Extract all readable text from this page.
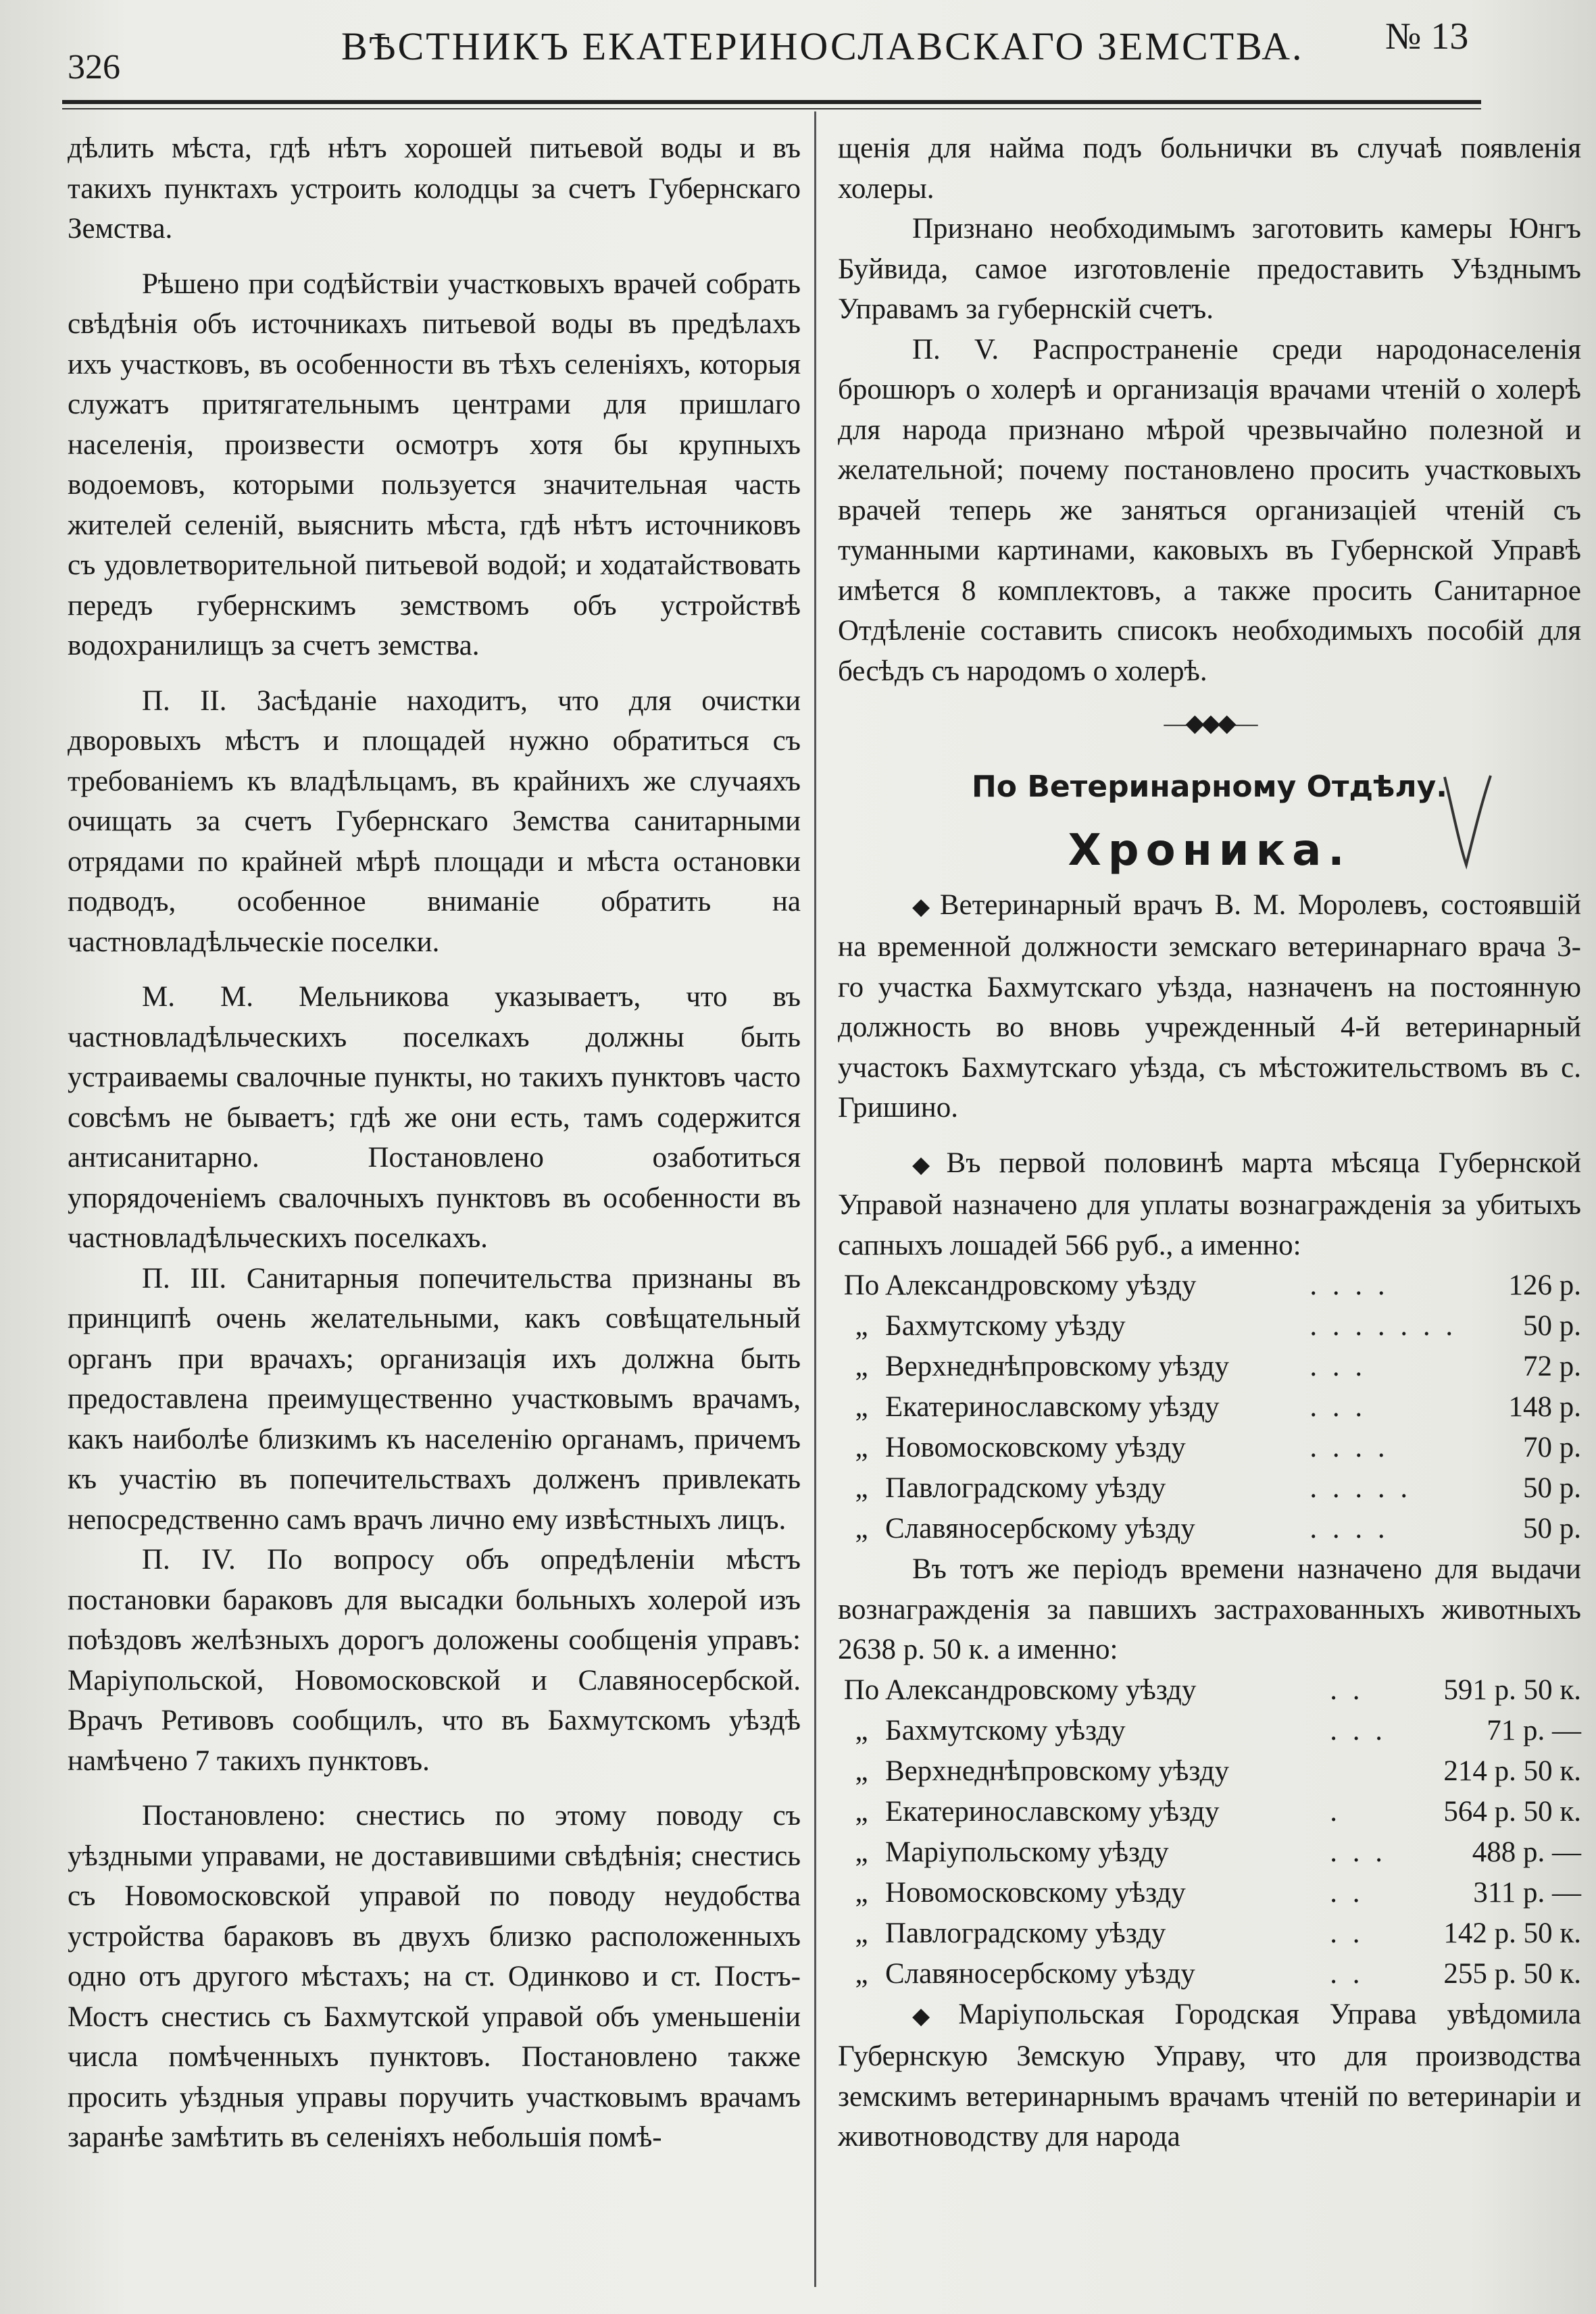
326	ВѢСТНИКЪ ЕКАТЕРИНОСЛАВСКАГО ЗЕМСТВА. № 13

дѣлить мѣста, гдѣ нѣтъ хорошей питьевой воды и въ такихъ пунктахъ устроить колодцы за счетъ Губернскаго Земства.

Рѣшено при содѣйствіи участковыхъ врачей собрать свѣдѣнія объ источникахъ питьевой воды въ предѣлахъ ихъ участковъ, въ особенности въ тѣхъ селеніяхъ, которыя служатъ притягательнымъ центрами для пришлаго населенія, произвести осмотръ хотя бы крупныхъ водоемовъ, которыми пользуется значительная часть жителей селеній, выяснить мѣста, гдѣ нѣтъ источниковъ съ удовлетворительной питьевой водой; и ходатайствовать передъ губернскимъ земствомъ объ устройствѣ водохранилищъ за счетъ земства.

П. II. Засѣданіе находитъ, что для очистки дворовыхъ мѣстъ и площадей нужно обратиться съ требованіемъ къ владѣльцамъ, въ крайнихъ же случаяхъ очищать за счетъ Губернскаго Земства санитарными отрядами по крайней мѣрѣ площади и мѣста остановки подводъ, особенное вниманіе обратить на частновладѣльческіе поселки.

М. М. Мельникова указываетъ, что въ частновладѣльческихъ поселкахъ должны быть устраиваемы свалочные пункты, но такихъ пунктовъ часто совсѣмъ не бываетъ; гдѣ же они есть, тамъ содержится антисанитарно. Постановлено озаботиться упорядоченіемъ свалочныхъ пунктовъ въ особенности въ частновладѣльческихъ поселкахъ.

П. III. Санитарныя попечительства признаны въ принципѣ очень желательными, какъ совѣщательный органъ при врачахъ; организація ихъ должна быть предоставлена преимущественно участковымъ врачамъ, какъ наиболѣе близкимъ къ населенію органамъ, причемъ къ участію въ попечительствахъ долженъ привлекать непосредственно самъ врачъ лично ему извѣстныхъ лицъ.

П. IV. По вопросу объ опредѣленіи мѣстъ постановки бараковъ для высадки больныхъ холерой изъ поѣздовъ желѣзныхъ дорогъ доложены сообщенія управъ: Маріупольской, Новомосковской и Славяносербской. Врачъ Ретивовъ сообщилъ, что въ Бахмутскомъ уѣздѣ намѣчено 7 такихъ пунктовъ.

Постановлено: снестись по этому поводу съ уѣздными управами, не доставившими свѣдѣнія; снестись съ Новомосковской управой по поводу неудобства устройства бараковъ въ двухъ близко расположенныхъ одно отъ другого мѣстахъ; на ст. Одинково и ст. Постъ-Мостъ снестись съ Бахмутской управой объ уменьшеніи числа помѣченныхъ пунктовъ. Постановлено также просить уѣздныя управы поручить участковымъ врачамъ заранѣе замѣтить въ селеніяхъ небольшія помѣ-

щенія для найма подъ больнички въ случаѣ появленія холеры.

Признано необходимымъ заготовить камеры Юнгъ Буйвида, самое изготовленіе предоставить Уѣзднымъ Управамъ за губернскій счетъ.

П. V. Распространеніе среди народонаселенія брошюръ о холерѣ и организація врачами чтеній о холерѣ для народа признано мѣрой чрезвычайно полезной и желательной; почему постановлено просить участковыхъ врачей теперь же заняться организацiей чтеній съ туманными картинами, каковыхъ въ Губернской Управѣ имѣется 8 комплектовъ, а также просить Санитарное Отдѣленіе составить списокъ необходимыхъ пособій для бесѣдъ съ народомъ о холерѣ.

—◆◆◆—
По Ветеринарному Отдѣлу.
Хроника.

◆ Ветеринарный врачъ В. М. Моролевъ, состоявшій на временной должности земскаго ветеринарнаго врача 3-го участка Бахмутскаго уѣзда, назначенъ на постоянную должность во вновь учрежденный 4-й ветеринарный участокъ Бахмутскаго уѣзда, съ мѣстожительствомъ въ с. Гришино.

◆ Въ первой половинѣ марта мѣсяца Губернской Управой назначено для уплаты вознагражденія за убитыхъ сапныхъ лошадей 566 руб., а именно:

По	Александровскому уѣзду	. . . .	126 р.
„	Бахмутскому уѣзду	. . . . . . .	50 р.
„	Верхнеднѣпровскому уѣзду	. . .	72 р.
„	Екатеринославскому уѣзду	. . .	148 р.
„	Новомосковскому уѣзду	. . . .	70 р.
„	Павлоградскому уѣзду	. . . . .	50 р.
„	Славяносербскому уѣзду	. . . .	50 р.

Въ тотъ же періодъ времени назначено для выдачи вознагражденія за павшихъ застрахованныхъ животныхъ 2638 р. 50 к. а именно:

По	Александровскому уѣзду	. .	591 р. 50 к.
„	Бахмутскому уѣзду	. . .	71 р. —
„	Верхнеднѣпровскому уѣзду		214 р. 50 к.
„	Екатеринославскому уѣзду	.	564 р. 50 к.
„	Маріупольскому уѣзду	. . .	488 р. —
„	Новомосковскому уѣзду	. .	311 р. —
„	Павлоградскому уѣзду	. .	142 р. 50 к.
„	Славяносербскому уѣзду	. .	255 р. 50 к.

◆ Маріупольская Городская Управа увѣдомила Губернскую Земскую Управу, что для производства земскимъ ветеринарнымъ врачамъ чтеній по ветеринаріи и животноводству для народа
